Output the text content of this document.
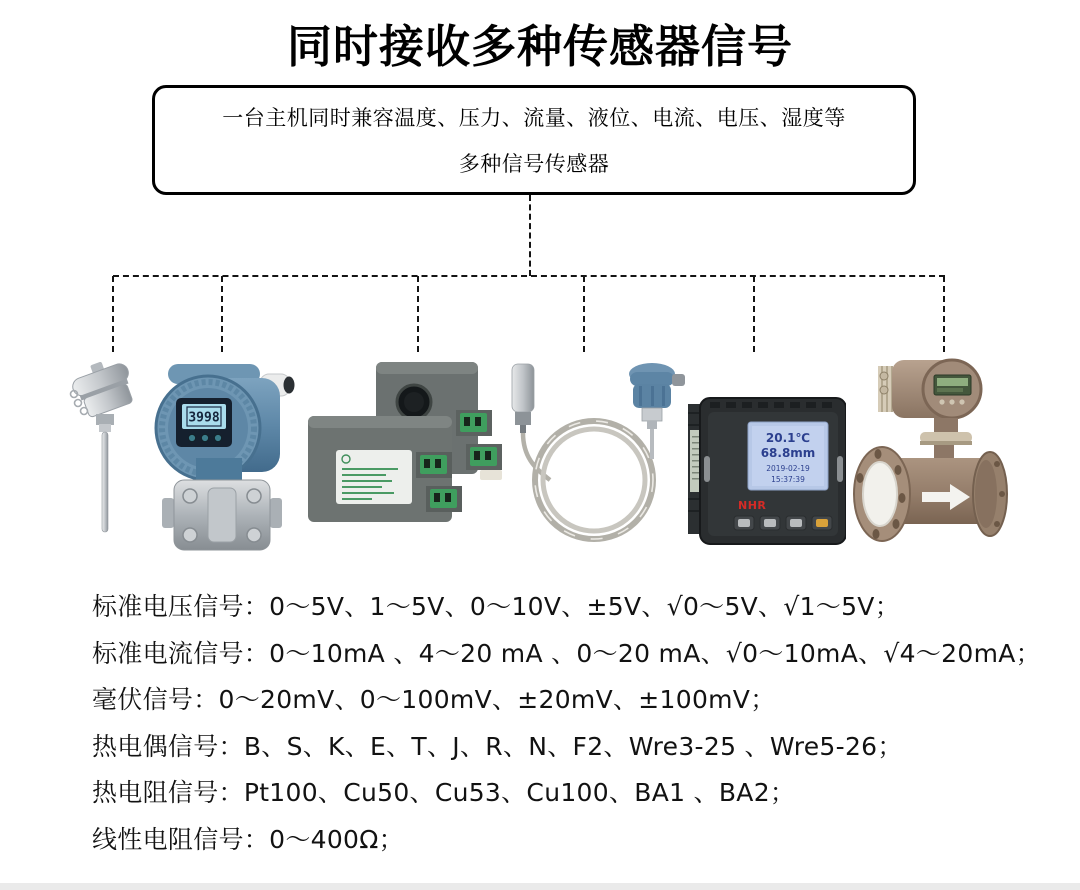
同时接收多种传感器信号
一台主机同时兼容温度、压力、流量、液位、电流、电压、湿度等
多种信号传感器
3998
20.1℃
68.8mm
2019-02-19
15:37:39
NHR
标准电压信号：0～5V、1～5V、0～10V、±5V、√0～5V、√1～5V；
标准电流信号：0～10mA 、4～20 mA 、0～20 mA、√0～10mA、√4～20mA；
毫伏信号：0～20mV、0～100mV、±20mV、±100mV；
热电偶信号：B、S、K、E、T、J、R、N、F2、Wre3-25 、Wre5-26；
热电阻信号：Pt100、Cu50、Cu53、Cu100、BA1 、BA2；
线性电阻信号：0～400Ω；
